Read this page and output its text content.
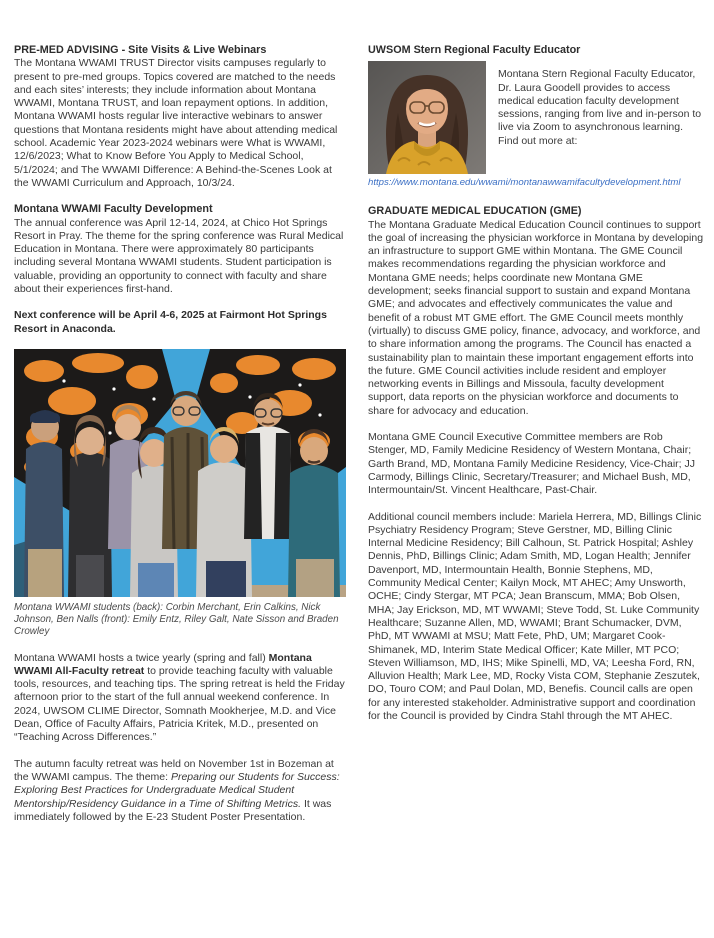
PRE-MED ADVISING - Site Visits & Live Webinars

The Montana WWAMI TRUST Director visits campuses regularly to present to pre-med groups. Topics covered are matched to the needs and each sites’ interests; they include information about Montana WWAMI, Montana TRUST, and loan repayment options. In addition, Montana WWAMI hosts regular live interactive webinars to answer questions that Montana residents might have about attending medical school. Academic Year 2023-2024 webinars were What is WWAMI, 12/6/2023; What to Know Before You Apply to Medical School, 5/1/2024; and The WWAMI Difference: A Behind-the-Scenes Look at the WWAMI Curriculum and Approach, 10/3/24.

Montana WWAMI Faculty Development

The annual conference was April 12-14, 2024, at Chico Hot Springs Resort in Pray. The theme for the spring conference was Rural Medical Education in Montana. There were approximately 80 participants including several Montana WWAMI students. Student participation is valuable, providing an opportunity to connect with faculty and share about their experiences first-hand.

Next conference will be April 4-6, 2025 at Fairmont Hot Springs Resort in Anaconda.

Montana WWAMI students (back): Corbin Merchant, Erin Calkins, Nick Johnson, Ben Nalls (front): Emily Entz, Riley Galt, Nate Sisson and Braden Crowley

Montana WWAMI hosts a twice yearly (spring and fall) Montana WWAMI All-Faculty retreat to provide teaching faculty with valuable tools, resources, and teaching tips. The spring retreat is held the Friday afternoon prior to the start of the full annual weekend conference. In 2024, UWSOM CLIME Director, Somnath Mookherjee, M.D. and Vice Dean, Office of Faculty Affairs, Patricia Kritek, M.D., presented on “Teaching Across Differences.”

The autumn faculty retreat was held on November 1st in Bozeman at the WWAMI campus. The theme: Preparing our Students for Success: Exploring Best Practices for Undergraduate Medical Student Mentorship/Residency Guidance in a Time of Shifting Metrics. It was immediately followed by the E-23 Student Poster Presentation.

UWSOM Stern Regional Faculty Educator

Montana Stern Regional Faculty Educator, Dr. Laura Goodell provides to access medical education faculty development sessions, ranging from live and in-person to live via Zoom to asynchronous learning. Find out more at:

https://www.montana.edu/wwami/montanawwamifacultydevelopment.html
GRADUATE MEDICAL EDUCATION (GME)

The Montana Graduate Medical Education Council continues to support the goal of increasing the physician workforce in Montana by developing an infrastructure to support GME within Montana. The GME Council makes recommendations regarding the physician workforce and Montana GME needs; helps coordinate new Montana GME development; seeks financial support to sustain and expand Montana GME; and advocates and effectively communicates the value and benefit of a robust MT GME effort. The GME Council meets monthly (virtually) to discuss GME policy, finance, advocacy, and workforce, and to share information among the programs. The Council has enacted a sustainability plan to maintain these important engagement efforts into the future. GME Council activities include resident and employer networking events in Billings and Missoula, faculty development support, data reports on the physician workforce and documents to share for advocacy and education.

Montana GME Council Executive Committee members are Rob Stenger, MD, Family Medicine Residency of Western Montana, Chair; Garth Brand, MD, Montana Family Medicine Residency, Vice-Chair; JJ Carmody, Billings Clinic, Secretary/Treasurer; and Michael Bush, MD, Intermountain/St. Vincent Healthcare, Past-Chair.

Additional council members include: Mariela Herrera, MD, Billings Clinic Psychiatry Residency Program; Steve Gerstner, MD, Billing Clinic Internal Medicine Residency; Bill Calhoun, St. Patrick Hospital; Ashley Dennis, PhD, Billings Clinic; Adam Smith, MD, Logan Health; Jennifer Davenport, MD, Intermountain Health, Bonnie Stephens, MD, Community Medical Center; Kailyn Mock, MT AHEC; Amy Unsworth, OCHE; Cindy Stergar, MT PCA; Jean Branscum, MMA; Bob Olsen, MHA; Jay Erickson, MD, MT WWAMI; Steve Todd, St. Luke Community Healthcare; Suzanne Allen, MD, WWAMI; Brant Schumacker, DVM, PhD, MT WWAMI at MSU; Matt Fete, PhD, UM; Margaret Cook-Shimanek, MD, Interim State Medical Officer; Kate Miller, MT PCO; Steven Williamson, MD, IHS; Mike Spinelli, MD, VA; Leesha Ford, RN, Alluvion Health; Mark Lee, MD, Rocky Vista COM, Stephanie Zeszutek, DO, Touro COM; and Paul Dolan, MD, Benefis. Council calls are open for any interested stakeholder. Administrative support and coordination for the Council is provided by Cindra Stahl through the MT AHEC.
